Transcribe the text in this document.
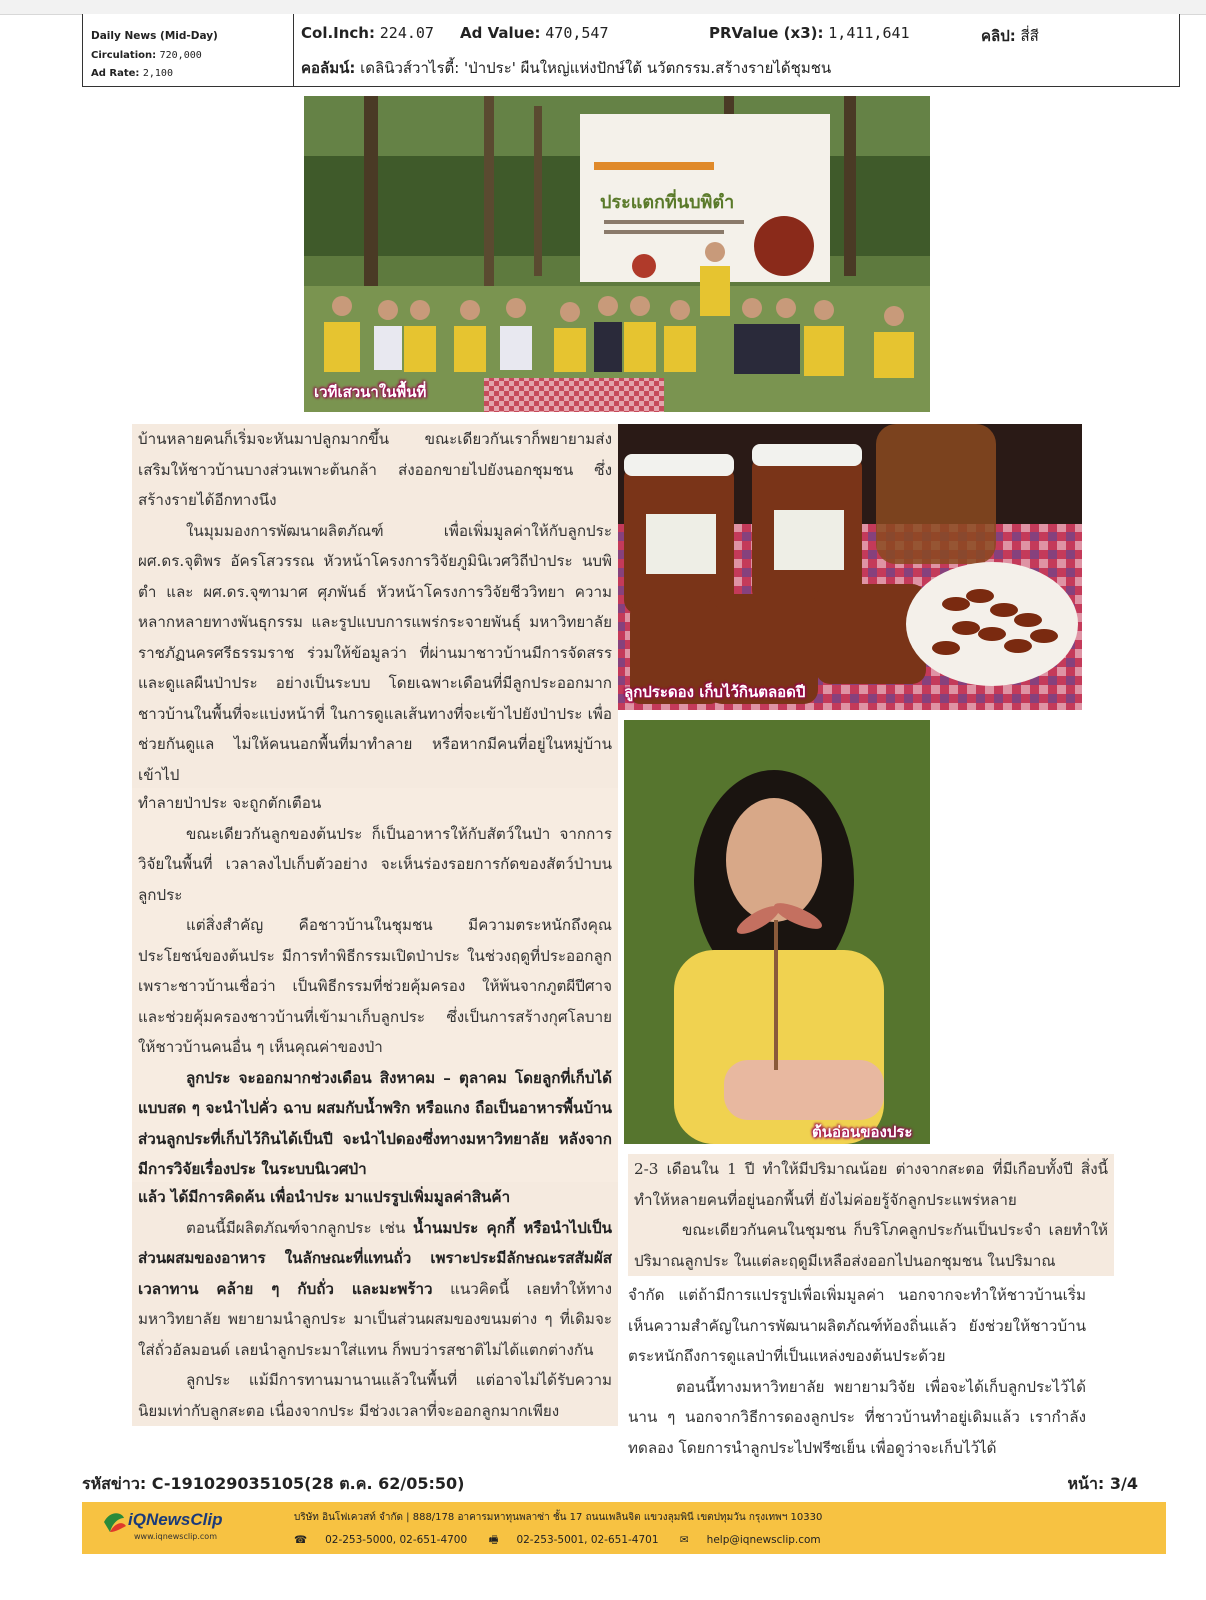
Daily News (Mid-Day)
Circulation: 720,000
Ad Rate: 2,100
Col.Inch: 224.07 Ad Value: 470,547	PRValue (x3): 1,411,641	คลิป: สี่สี
คอลัมน์: เดลินิวส์วาไรตี้: 'ป่าประ' ผืนใหญ่แห่งปักษ์ใต้ นวัตกรรม.สร้างรายได้ชุมชน
ประแตกที่นบพิตำ
เวทีเสวนาในพื้นที่
ลูกประดอง เก็บไว้กินตลอดปี
ต้นอ่อนของประ

บ้านหลายคนก็เริ่มจะหันมาปลูกมากขึ้น ขณะเดียวกันเราก็พยายามส่งเสริมให้ชาวบ้านบางส่วนเพาะต้นกล้า ส่งออกขายไปยังนอกชุมชน ซึ่งสร้างรายได้อีกทางนึง

ในมุมมองการพัฒนาผลิตภัณฑ์ เพื่อเพิ่มมูลค่าให้กับลูกประ ผศ.ดร.จุติพร อัครโสวรรณ หัวหน้าโครงการวิจัยภูมินิเวศวิถีป่าประ นบพิตำ และ ผศ.ดร.จุฑามาศ ศุภพันธ์ หัวหน้าโครงการวิจัยชีววิทยา ความหลากหลายทางพันธุกรรม และรูปแบบการแพร่กระจายพันธุ์ มหาวิทยาลัยราชภัฏนครศรีธรรมราช ร่วมให้ข้อมูลว่า ที่ผ่านมาชาวบ้านมีการจัดสรรและดูแลผืนป่าประ อย่างเป็นระบบ โดยเฉพาะเดือนที่มีลูกประออกมาก ชาวบ้านในพื้นที่จะแบ่งหน้าที่ ในการดูแลเส้นทางที่จะเข้าไปยังป่าประ เพื่อช่วยกันดูแล ไม่ให้คนนอกพื้นที่มาทำลาย หรือหากมีคนที่อยู่ในหมู่บ้าน เข้าไป

ทำลายป่าประ จะถูกตักเตือน

ขณะเดียวกันลูกของต้นประ ก็เป็นอาหารให้กับสัตว์ในป่า จากการวิจัยในพื้นที่ เวลาลงไปเก็บตัวอย่าง จะเห็นร่องรอยการกัดของสัตว์ป่าบนลูกประ

แต่สิ่งสำคัญ คือชาวบ้านในชุมชน มีความตระหนักถึงคุณประโยชน์ของต้นประ มีการทำพิธีกรรมเปิดป่าประ ในช่วงฤดูที่ประออกลูก เพราะชาวบ้านเชื่อว่า เป็นพิธีกรรมที่ช่วยคุ้มครอง ให้พ้นจากภูตผีปีศาจ และช่วยคุ้มครองชาวบ้านที่เข้ามาเก็บลูกประ ซึ่งเป็นการสร้างกุศโลบายให้ชาวบ้านคนอื่น ๆ เห็นคุณค่าของป่า

ลูกประ จะออกมากช่วงเดือน สิงหาคม – ตุลาคม โดยลูกที่เก็บได้แบบสด ๆ จะนำไปคั่ว ฉาบ ผสมกับน้ำพริก หรือแกง ถือเป็นอาหารพื้นบ้าน ส่วนลูกประที่เก็บไว้กินได้เป็นปี จะนำไปดองซึ่งทางมหาวิทยาลัย หลังจากมีการวิจัยเรื่องประ ในระบบนิเวศป่า

แล้ว ได้มีการคิดค้น เพื่อนำประ มาแปรรูปเพิ่มมูลค่าสินค้า

ตอนนี้มีผลิตภัณฑ์จากลูกประ เช่น น้ำนมประ คุกกี้ หรือนำไปเป็นส่วนผสมของอาหาร ในลักษณะที่แทนถั่ว เพราะประมีลักษณะรสสัมผัสเวลาทาน คล้าย ๆ กับถั่ว และมะพร้าว แนวคิดนี้ เลยทำให้ทางมหาวิทยาลัย พยายามนำลูกประ มาเป็นส่วนผสมของขนมต่าง ๆ ที่เดิมจะใส่ถั่วอัลมอนด์ เลยนำลูกประมาใส่แทน ก็พบว่ารสชาติไม่ได้แตกต่างกัน

ลูกประ แม้มีการทานมานานแล้วในพื้นที่ แต่อาจไม่ได้รับความนิยมเท่ากับลูกสะตอ เนื่องจากประ มีช่วงเวลาที่จะออกลูกมากเพียง

2-3 เดือนใน 1 ปี ทำให้มีปริมาณน้อย ต่างจากสะตอ ที่มีเกือบทั้งปี สิ่งนี้ทำให้หลายคนที่อยู่นอกพื้นที่ ยังไม่ค่อยรู้จักลูกประแพร่หลาย

ขณะเดียวกันคนในชุมชน ก็บริโภคลูกประกันเป็นประจำ เลยทำให้ปริมาณลูกประ ในแต่ละฤดูมีเหลือส่งออกไปนอกชุมชน ในปริมาณ

จำกัด แต่ถ้ามีการแปรรูปเพื่อเพิ่มมูลค่า นอกจากจะทำให้ชาวบ้านเริ่มเห็นความสำคัญในการพัฒนาผลิตภัณฑ์ท้องถิ่นแล้ว ยังช่วยให้ชาวบ้านตระหนักถึงการดูแลป่าที่เป็นแหล่งของต้นประด้วย

ตอนนี้ทางมหาวิทยาลัย พยายามวิจัย เพื่อจะได้เก็บลูกประไว้ได้นาน ๆ นอกจากวิธีการดองลูกประ ที่ชาวบ้านทำอยู่เดิมแล้ว เรากำลังทดลอง โดยการนำลูกประไปฟรีซเย็น เพื่อดูว่าจะเก็บไว้ได้

รหัสข่าว: C-191029035105(28 ต.ค. 62/05:50)	หน้า: 3/4
iQNewsClip
www.iqnewsclip.com
บริษัท อินโฟเควสท์ จำกัด | 888/178 อาคารมหาทุนพลาซ่า ชั้น 17 ถนนเพลินจิต แขวงลุมพินี เขตปทุมวัน กรุงเทพฯ 10330
☎ 02-253-5000, 02-651-4700 🖷 02-253-5001, 02-651-4701 ✉ help@iqnewsclip.com
